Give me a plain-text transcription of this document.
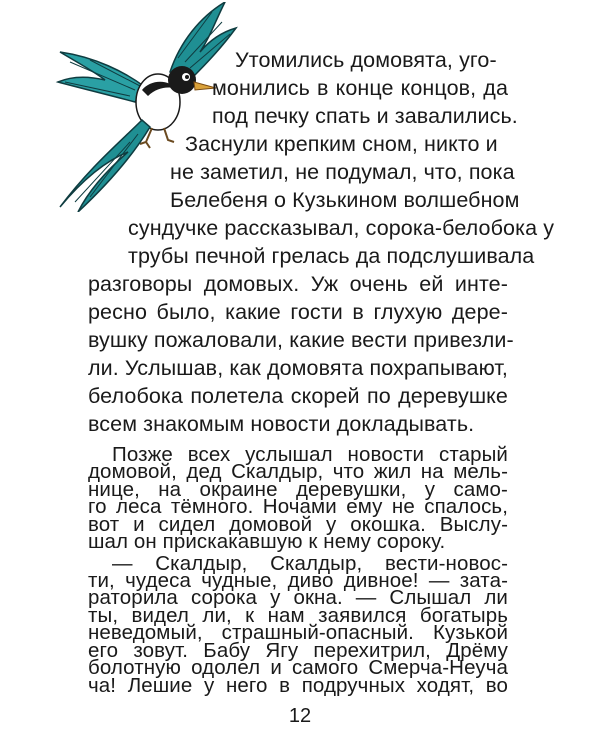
Утомились домовята, уго-
монились в конце концов, да
под печку спать и завалились.
Заснули крепким сном, никто и
не заметил, не подумал, что, пока
Белебеня о Кузькином волшебном
сундучке рассказывал, сорока-белобока у
трубы печной грелась да подслушивала
разговоры домовых. Уж очень ей инте-
ресно было, какие гости в глухую дере-
вушку пожаловали, какие вести привезли-
ли. Услышав, как домовята похрапывают,
белобока полетела скорей по деревушке
всем знакомым новости докладывать.
Позже всех услышал новости старый
домовой, дед Скалдыр, что жил на мель-
нице, на окраине деревушки, у само-
го леса тёмного. Ночами ему не спалось,
вот и сидел домовой у окошка. Выслу-
шал он прискакавшую к нему сороку.
— Скалдыр, Скалдыр, вести-новос-
ти, чудеса чудные, диво дивное! — зата-
раторила сорока у окна. — Слышал ли
12
ты, видел ли, к нам заявился богатырь
неведомый, страшный-опасный. Кузькой
его зовут. Бабу Ягу перехитрил, Дрёму
болотную одолел и самого Смерча-Неуча
ча! Лешие у него в подручных ходят, во
